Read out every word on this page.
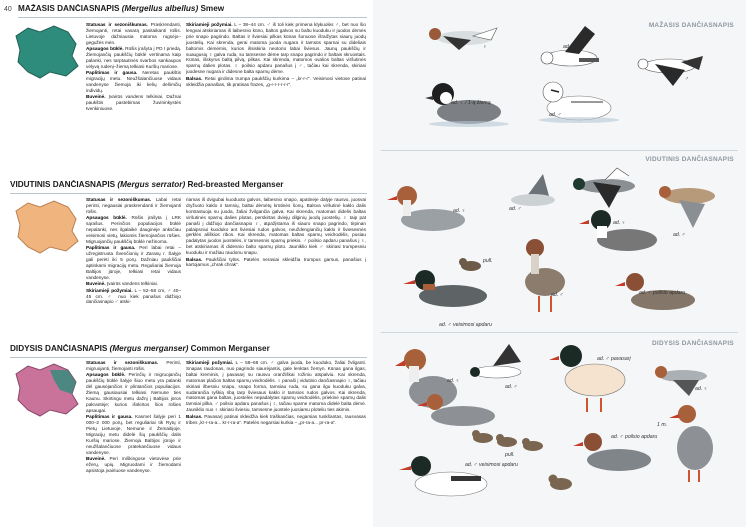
40 MAŽASIS DANČIASNAPIS (Mergellus albellus) Smew

Statusas ir sezoniškumas. Praskrendanti, žiemojanti, retai vasarą pasitaikanti rūšis. Lietuvoje dažniausia matoma rugsėjo–gegužės mėn.

Apsaugos būklė. Rūšis įrašyta į PD I priedą. Žiemojančių paukščių būklė vertinama kaip palanki, nes tarptautinės svarbos sankaupos vėlyvą rudenį–žiemą telkiasi Kuršių mariose.

Paplitimas ir gausa. Neretas paukštis migracijų metu. Neužšalančiuose vidaus vandenyse žiemoja iki kelių dešimčių individų.

Buveinė. Įvairūs vandens telkiniai. Dažnai paukštis pastebimas žuvininkystės tvenkiniuose.

Skiriamieji požymiai. L – 38–44 cm. ♂ iš toli kiek primena klykuolės ♂, bet nuo šio lengvai atskiriamas iš laibesnio kūno, baltos galvos su baltu kuoduku ir juodos dėmės prie snapo pagrindo. Baltas ir šviesiai pilkas kūnas šonuose išraižytas siaurų juodų juostelių. Kai skrenda, gerai matoma juoda nugara ir tamsūs sparnai su dideliais baltomis dėmėmis, kurios išsiskiria neotorio labai šviesus. Jaunų paukščių ir suaugusių ♀ galva ruda, su tamsesne dėme tarp snapo pagrindo ir baltais skruostais. Kūnas, išskyrus baltą pilvą, pilkas. Kai skrenda, matomos ovalios baltas viršutinės sparnų dalies plotas. ♀ poilsio apdaru panašus į ♂, tačiau kai skrenda, skiriasi juodesne nugara ir didesne balta sparnų dėme.

Balsas. Retai girdima trumpa paukščių kurkima – „kr-r-r“. Veisimosi vietose patinai skleidžia panašias, tik pratisas frazes, „g-r-r-r-r-r-r“.

VIDUTINIS DANČIASNAPIS (Mergus serrator) Red-breasted Merganser

Statusas ir sezoniškumas. Labai retai perinti, negausiai praskrendanti ir žiemojanti rūšis.

Apsaugos būklė. Rūšis įrašyta į LRK sąrašus. Perinčios populiacijos būklė nepalanki, nes ilgalaikė dauginėje anksčiau veisimosi vietų, lakiomis žiemojančios rūšies. Migruojančių paukščių būklė nežinoma.

Paplitimas ir gausa. Peri labai retai – užregistruota Švenčionių ir Zarasų r. Šalyje gali perėti iki 5 porų. Dažniau paukščiai aptinkami migracijų metu. Reguliariai žiemoja Baltijos jūroje, telkiasi retai vidaus vandenyse.

Buveinė. Įvairūs vandens telkiniai.

Skiriamieji požymiai. L – 52–58 cm, ♂ 40–45 cm. ♂ nuo kiek panašus didžiojo dančiasnapio ♂ atski-

riamas iš dvigubai kuoduoto galvos, laibesnio snapo, apatinėje dalyje rausvo, juosvai dryžuoto kaklo ir tamsių, baltai dėmėtų krūtinės šonų. Balsva viršutinė kaklo dalis kontrastuoja su juoda, žaliai žvilgančia galva. Kai skrenda, matomas didelis baltas viršutinės sparnų dalies plotas, perskirtas dviejų dilginių juodų juostelių. ♀ taip pat panaši į didžiojo dančiasnapio ♀, atpažįstama iš siauro snapo pagrindo, tirpinan palaipsniui kuoduko ant šviesiai rudos galvos, neuždengiančių kaklo ir šviesesnės gerklės ališkios ribos. Kai skrenda, matomas baltas sparnų veidrodėlis, pusiau padalytas juodos juostelės, ir tamsesnis sparnų priekis. ♂ poilsio apdaru panašus į ♀, bet atskiriamas iš didesnio balto sparnų ploto. Jauniklio kiek ♂ skiriasi trumpesniu kuoduku ir mažiau raudonu snapu.

Balsas. Paukščiai tylūs. Patelės nerasiai skleidžia trumpus garsus, panašius į kartojamus „chrak chrak“.

DIDYSIS DANČIASNAPIS (Mergus merganser) Common Merganser

Statusas ir sezoniškumas. Perinti, migruojanti, žiemojanti rūšis.

Apsaugos būklė. Perinčių ir migruojančių paukščių būklė šalyje šiuo metu yra palanki dėl gausėjančios ir plintančios populiacijos. Žiemą gausiausiai telkiasi Nemune ties Kaunu. Skirtingu metu dažnį į Baltijos jūros pakrantėje; kurios išskirtos šios rūšies apsaugai.

Paplitimas ir gausa. Kasmet šalyje peri 1 000–2 000 porų, bet reguliariai tik Rytų ir Pietų Lietuvoje, Nemune ir Žemaitijoje. Migracijų metu didelė šių paukščių dalis Kuršių mariose. Žiemoja Baltijos jūroje ir neužšalančiuose pratekančiuose vidaus vandenyse.

Buveinė. Peri miškingose vietovėse prie ežerų, upių. Migruodami ir žiemodami apsistoja įvairiuose vandenyse.

Skiriamieji požymiai. L – 58–68 cm. ♂ galva juoda, be kuoduko, žaliai žvilganti. Snapas raudonas, nuo pagrindo siaurėjantis, gale lenktas žemyn. Kūnas gana ilgas, baltai kreminis, į pavasarį su rausvu oranžiškai rožiniu atspalviu. Kai skrenda, matomas plačios baltas sparnų veidrodėlis. ♀ panaši į vidutinio dančiasnapio ♀, tačiau skiriasi ilbesniu snapu, snapo forma, tamsiau ruda, su gana ilgu kuoduku galva, sudarančia ryškią ribą tarp šviesaus kaklo ir tamsios rudos galvos. Kai skrenda, matomas gana baltas, juostelės nepadalytas sparnų veidrodėlis, priekinė sparnų dalis tamsiai pilka. ♂ poilsio apdaru panašus į ♀, tačiau sparne matoma didelė balta dėmė. Jauniklio nuo ♀ skiriasi šviesiu, tamsesne juostele juosiamu ploteliu ties akimis.

Balsas. Pavasarį patinai skleidžia kiek traškančias, negarsias tuskšantas, rausvasas tribes „kr-r-ra-a... kr-r-ra-a“. Patelės negarsiai kurkia – „pr-ra-a... pr-ra-a“.

MAŽASIS DANČIASNAPIS
VIDUTINIS DANČIASNAPIS
DIDYSIS DANČIASNAPIS
♀	ad. ♂
♂
ad. ♀ / 1-ą žiemą
ad. ♂
ad. ♀	ad. ♂
ad. ♀
ad. ♂
pull.
ad. ♂	ad. ♂ poilsio apdaru
ad. ♂ veisimosi apdaru
ad. ♀
ad. ♂ pavasarį
ad. ♂	ad. ♀
1 m.
pull.
ad. ♂ poilsio apdaru
ad. ♂ veisimosi apdaru
